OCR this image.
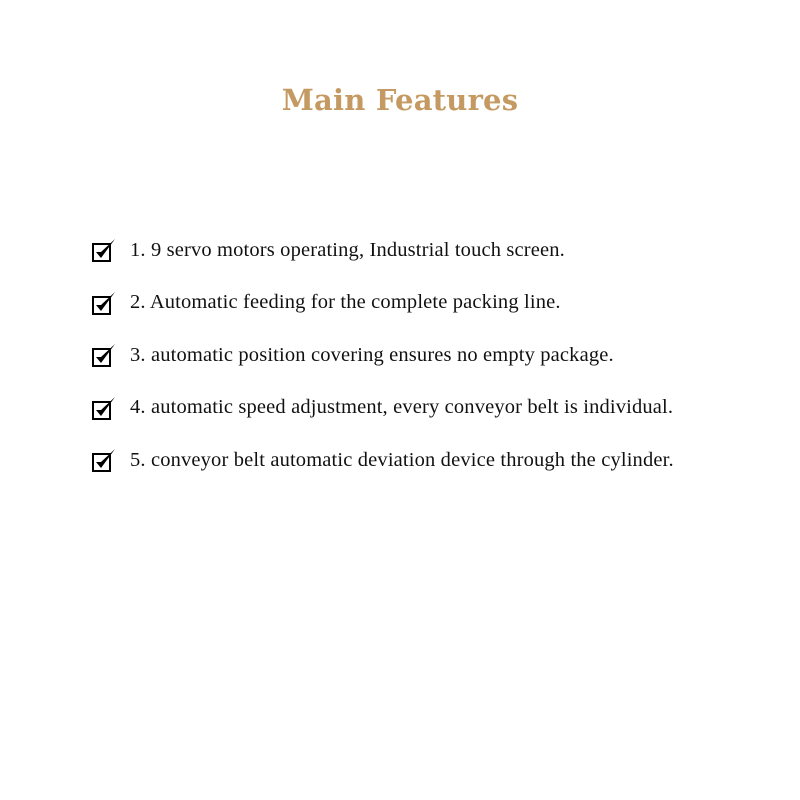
Main Features
1. 9 servo motors operating, Industrial touch screen.
2. Automatic feeding for the complete packing line.
3. automatic position covering ensures no empty package.
4. automatic speed adjustment, every conveyor belt is individual.
5. conveyor belt automatic deviation device through the cylinder.
